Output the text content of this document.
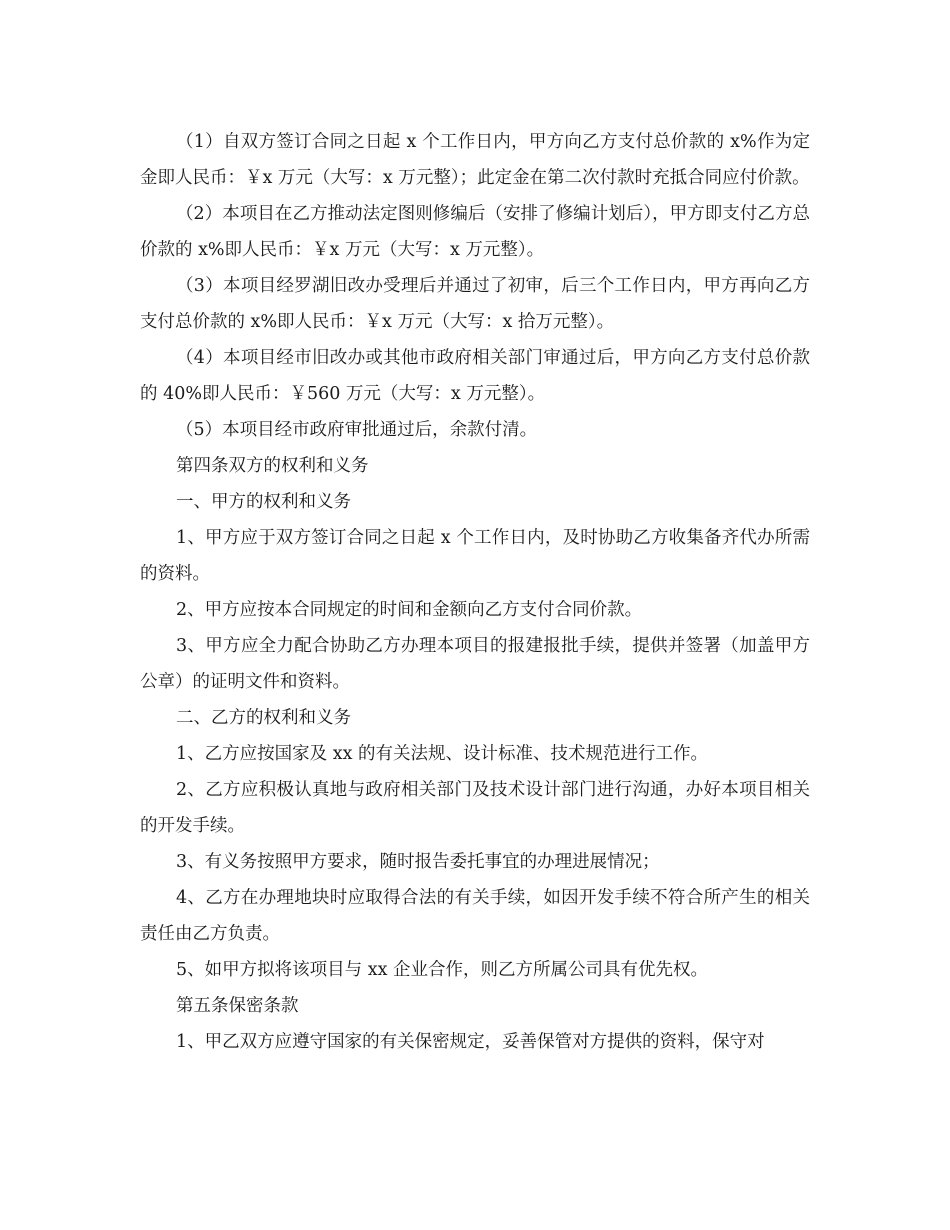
（1）自双方签订合同之日起 x 个工作日内，甲方向乙方支付总价款的 x%作为定金即人民币：￥x 万元（大写：x 万元整）；此定金在第二次付款时充抵合同应付价款。

（2）本项目在乙方推动法定图则修编后（安排了修编计划后），甲方即支付乙方总价款的 x%即人民币：￥x 万元（大写：x 万元整）。

（3）本项目经罗湖旧改办受理后并通过了初审，后三个工作日内，甲方再向乙方支付总价款的 x%即人民币：￥x 万元（大写：x 拾万元整）。

（4）本项目经市旧改办或其他市政府相关部门审通过后，甲方向乙方支付总价款的 40%即人民币：￥560 万元（大写：x 万元整）。

（5）本项目经市政府审批通过后，余款付清。

第四条双方的权利和义务

一、甲方的权利和义务

1、甲方应于双方签订合同之日起 x 个工作日内，及时协助乙方收集备齐代办所需的资料。

2、甲方应按本合同规定的时间和金额向乙方支付合同价款。

3、甲方应全力配合协助乙方办理本项目的报建报批手续，提供并签署（加盖甲方公章）的证明文件和资料。

二、乙方的权利和义务

1、乙方应按国家及 xx 的有关法规、设计标准、技术规范进行工作。

2、乙方应积极认真地与政府相关部门及技术设计部门进行沟通，办好本项目相关的开发手续。

3、有义务按照甲方要求，随时报告委托事宜的办理进展情况；

4、乙方在办理地块时应取得合法的有关手续，如因开发手续不符合所产生的相关责任由乙方负责。

5、如甲方拟将该项目与 xx 企业合作，则乙方所属公司具有优先权。

第五条保密条款

1、甲乙双方应遵守国家的有关保密规定，妥善保管对方提供的资料，保守对
